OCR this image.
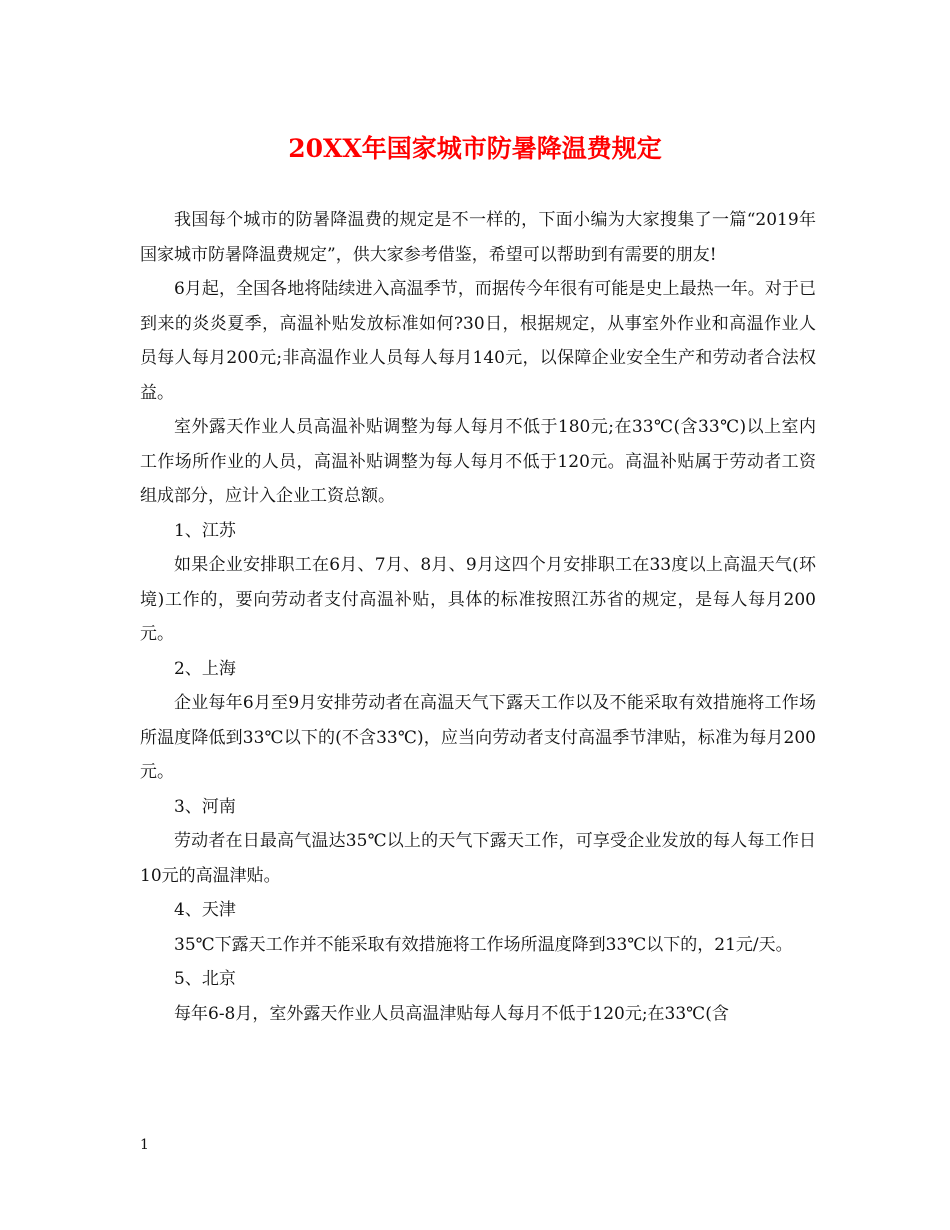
20XX年国家城市防暑降温费规定

我国每个城市的防暑降温费的规定是不一样的，下面小编为大家搜集了一篇“2019年国家城市防暑降温费规定”，供大家参考借鉴，希望可以帮助到有需要的朋友!

6月起，全国各地将陆续进入高温季节，而据传今年很有可能是史上最热一年。对于已到来的炎炎夏季，高温补贴发放标准如何?30日，根据规定，从事室外作业和高温作业人员每人每月200元;非高温作业人员每人每月140元，以保障企业安全生产和劳动者合法权益。

室外露天作业人员高温补贴调整为每人每月不低于180元;在33℃(含33℃)以上室内工作场所作业的人员，高温补贴调整为每人每月不低于120元。高温补贴属于劳动者工资组成部分，应计入企业工资总额。

1、江苏

如果企业安排职工在6月、7月、8月、9月这四个月安排职工在33度以上高温天气(环境)工作的，要向劳动者支付高温补贴，具体的标准按照江苏省的规定，是每人每月200元。

2、上海

企业每年6月至9月安排劳动者在高温天气下露天工作以及不能采取有效措施将工作场所温度降低到33℃以下的(不含33℃)，应当向劳动者支付高温季节津贴，标准为每月200元。

3、河南

劳动者在日最高气温达35℃以上的天气下露天工作，可享受企业发放的每人每工作日10元的高温津贴。

4、天津

35℃下露天工作并不能采取有效措施将工作场所温度降到33℃以下的，21元/天。

5、北京

每年6-8月，室外露天作业人员高温津贴每人每月不低于120元;在33℃(含

1
